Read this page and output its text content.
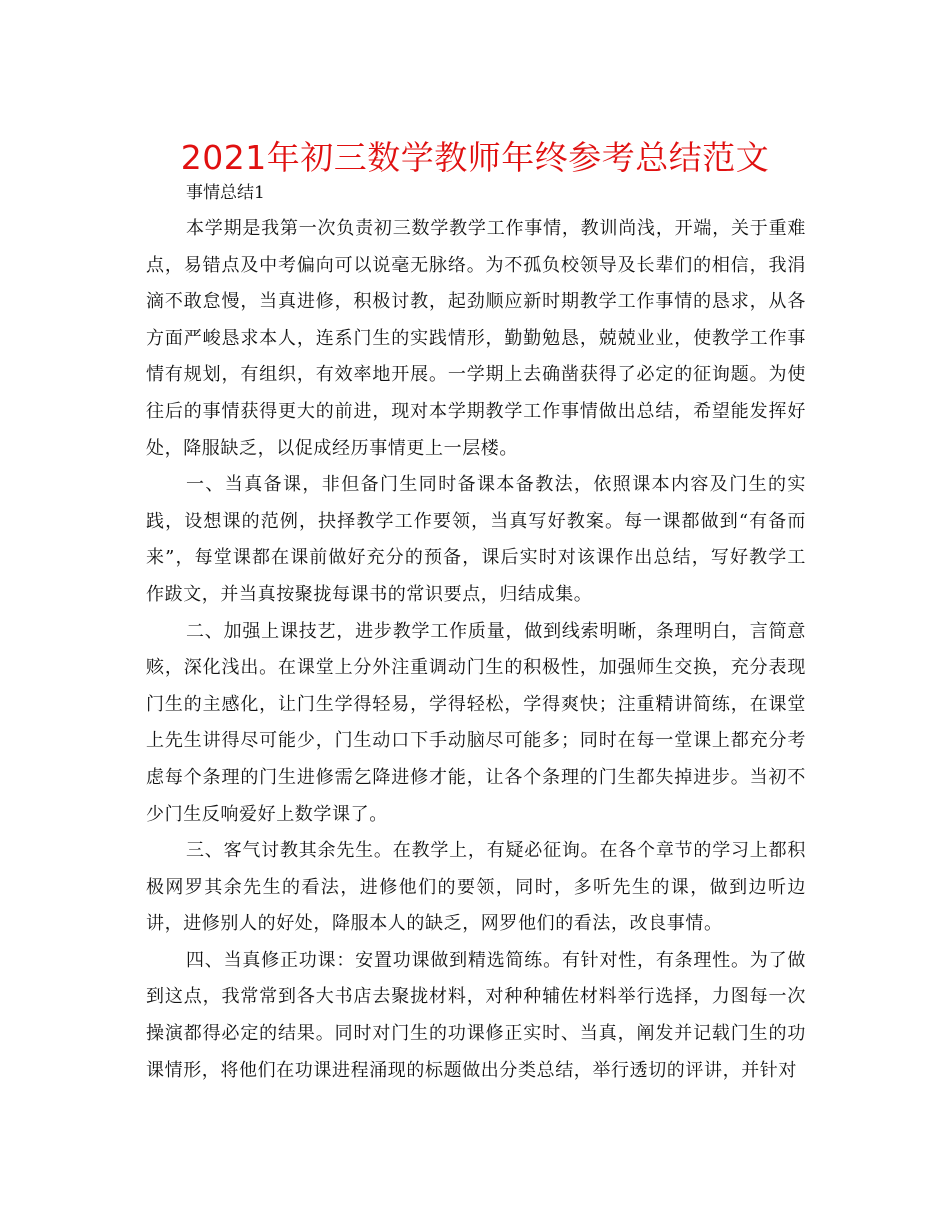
2021年初三数学教师年终参考总结范文

事情总结1

本学期是我第一次负责初三数学教学工作事情，教训尚浅，开端，关于重难点，易错点及中考偏向可以说毫无脉络。为不孤负校领导及长辈们的相信，我涓滴不敢怠慢，当真进修，积极讨教，起劲顺应新时期教学工作事情的恳求，从各方面严峻恳求本人，连系门生的实践情形，勤勤勉恳，兢兢业业，使教学工作事情有规划，有组织，有效率地开展。一学期上去确凿获得了必定的征询题。为使往后的事情获得更大的前进，现对本学期教学工作事情做出总结，希望能发挥好处，降服缺乏，以促成经历事情更上一层楼。

一、当真备课，非但备门生同时备课本备教法，依照课本内容及门生的实践，设想课的范例，抉择教学工作要领，当真写好教案。每一课都做到“有备而来”，每堂课都在课前做好充分的预备，课后实时对该课作出总结，写好教学工作跋文，并当真按聚拢每课书的常识要点，归结成集。

二、加强上课技艺，进步教学工作质量，做到线索明晰，条理明白，言简意赅，深化浅出。在课堂上分外注重调动门生的积极性，加强师生交换，充分表现门生的主感化，让门生学得轻易，学得轻松，学得爽快；注重精讲简练，在课堂上先生讲得尽可能少，门生动口下手动脑尽可能多；同时在每一堂课上都充分考虑每个条理的门生进修需乞降进修才能，让各个条理的门生都失掉进步。当初不少门生反响爱好上数学课了。

三、客气讨教其余先生。在教学上，有疑必征询。在各个章节的学习上都积极网罗其余先生的看法，进修他们的要领，同时，多听先生的课，做到边听边讲，进修别人的好处，降服本人的缺乏，网罗他们的看法，改良事情。

四、当真修正功课：安置功课做到精选简练。有针对性，有条理性。为了做到这点，我常常到各大书店去聚拢材料，对种种辅佐材料举行选择，力图每一次操演都得必定的结果。同时对门生的功课修正实时、当真，阐发并记载门生的功课情形，将他们在功课进程涌现的标题做出分类总结，举行透切的评讲，并针对
